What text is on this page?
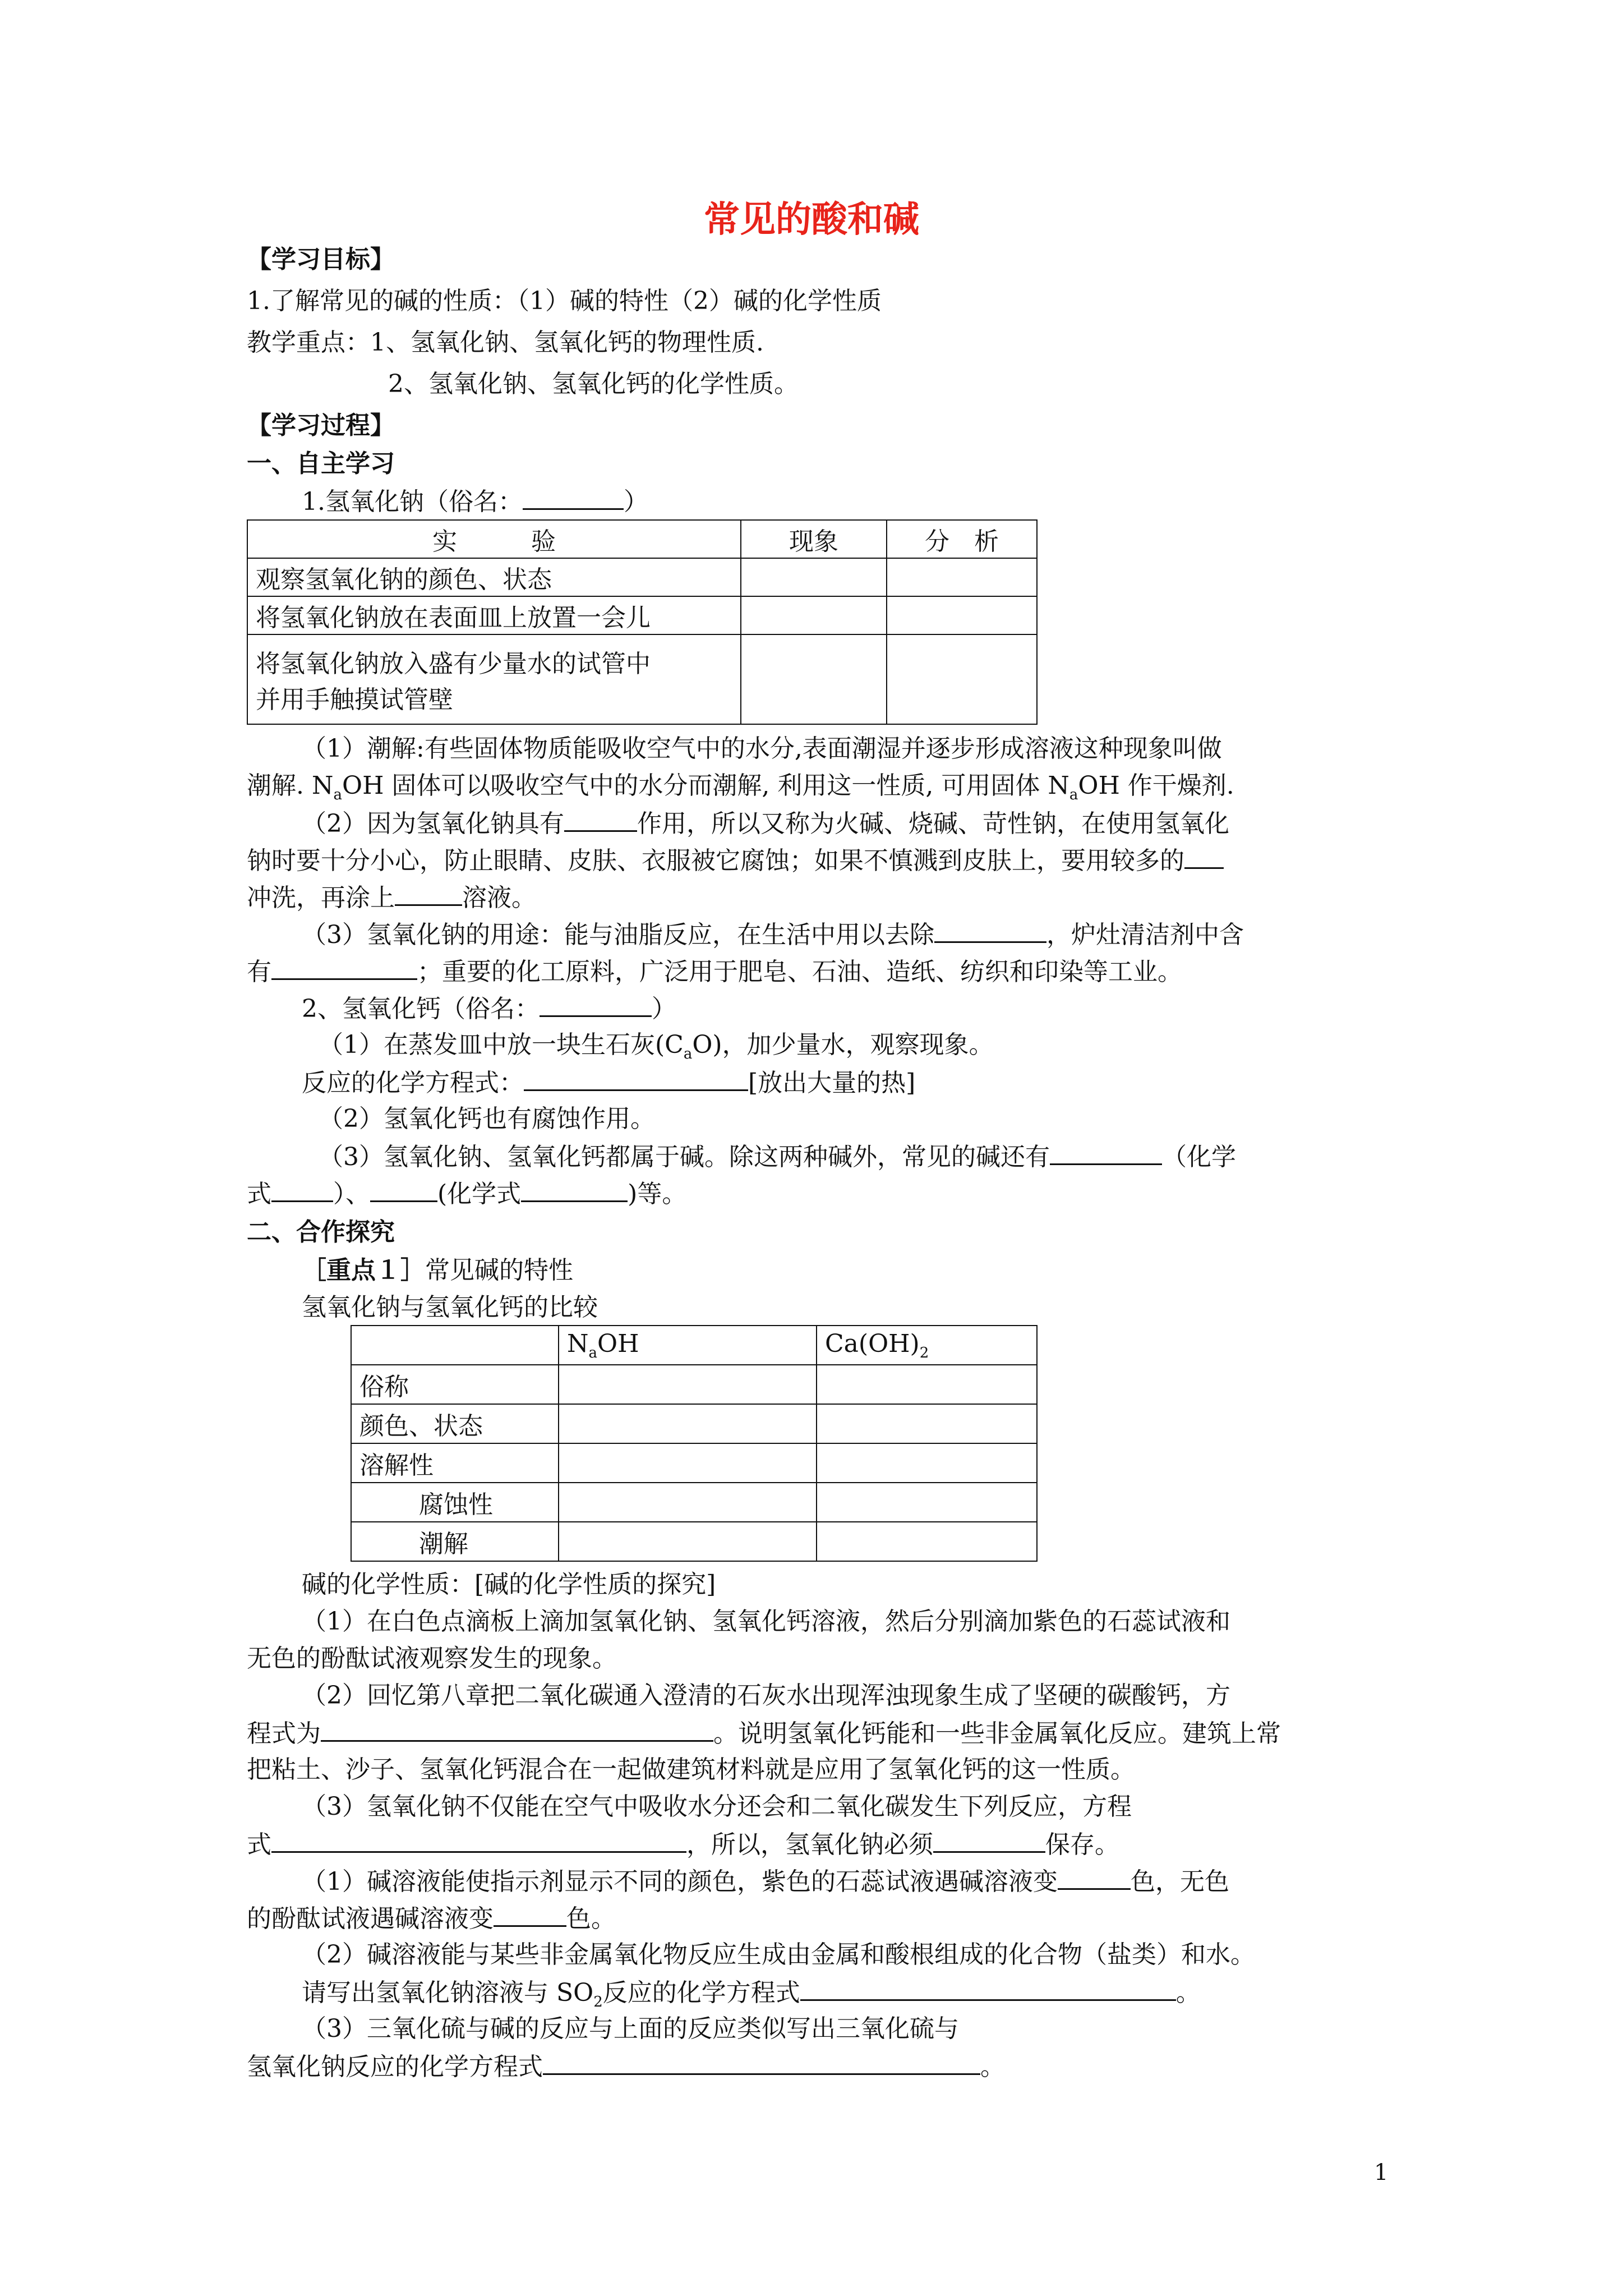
常见的酸和碱
【学习目标】
1.了解常见的碱的性质：（1）碱的特性（2）碱的化学性质
教学重点：1、氢氧化钠、氢氧化钙的物理性质.
2、氢氧化钠、氢氧化钙的化学性质。
【学习过程】
一、自主学习
1.氢氧化钠（俗名：	）
实　　　验	现象	分　析
观察氢氧化钠的颜色、状态		
将氢氧化钠放在表面皿上放置一会儿		

将氢氧化钠放入盛有少量水的试管中
并用手触摸试管壁		

（1）潮解:有些固体物质能吸收空气中的水分,表面潮湿并逐步形成溶液这种现象叫做
潮解. $N_aOH$ 固体可以吸收空气中的水分而潮解, 利用这一性质, 可用固体 $N_aOH$ 作干燥剂.
（2）因为氢氧化钠具有	作用，所以又称为火碱、烧碱、苛性钠，在使用氢氧化
钠时要十分小心，防止眼睛、皮肤、衣服被它腐蚀；如果不慎溅到皮肤上，要用较多的
冲洗，再涂上	溶液。
（3）氢氧化钠的用途：能与油脂反应，在生活中用以去除	，炉灶清洁剂中含
有	；重要的化工原料，广泛用于肥皂、石油、造纸、纺织和印染等工业。
2、氢氧化钙（俗名：	）
（1）在蒸发皿中放一块生石灰$(C_aO)$，加少量水，观察现象。
反应的化学方程式：	[放出大量的热]
（2）氢氧化钙也有腐蚀作用。
（3）氢氧化钠、氢氧化钙都属于碱。除这两种碱外，常见的碱还有	（化学
式	）、	(化学式	)等。
二、合作探究
［重点１］常见碱的特性
氢氧化钠与氢氧化钙的比较
	$N_aOH$	$Ca(OH)_2$
俗称		
颜色、状态		
溶解性		
腐蚀性		
潮解		
碱的化学性质：[碱的化学性质的探究]
（1）在白色点滴板上滴加氢氧化钠、氢氧化钙溶液，然后分别滴加紫色的石蕊试液和
无色的酚酞试液观察发生的现象。
（2）回忆第八章把二氧化碳通入澄清的石灰水出现浑浊现象生成了坚硬的碳酸钙，方
程式为	。说明氢氧化钙能和一些非金属氧化反应。建筑上常
把粘土、沙子、氢氧化钙混合在一起做建筑材料就是应用了氢氧化钙的这一性质。
（3）氢氧化钠不仅能在空气中吸收水分还会和二氧化碳发生下列反应，方程
式	，所以，氢氧化钠必须	保存。
（1）碱溶液能使指示剂显示不同的颜色，紫色的石蕊试液遇碱溶液变	色，无色
的酚酞试液遇碱溶液变	色。
（2）碱溶液能与某些非金属氧化物反应生成由金属和酸根组成的化合物（盐类）和水。
请写出氢氧化钠溶液与 $SO_2$反应的化学方程式	。
（3）三氧化硫与碱的反应与上面的反应类似写出三氧化硫与
氢氧化钠反应的化学方程式	。
1
